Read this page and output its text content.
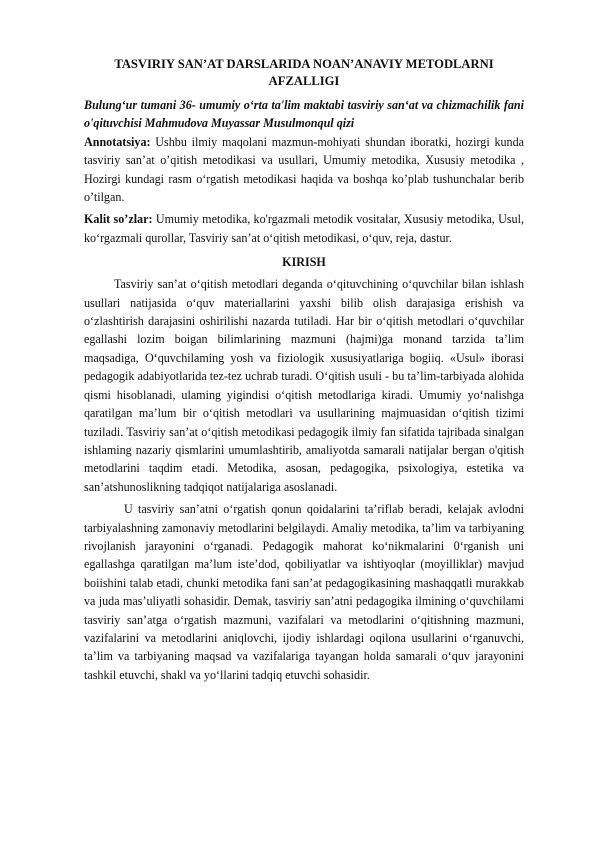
TASVIRIY SAN’AT DARSLARIDA NOAN’ANAVIY METODLARNI AFZALLIGI

Bulung‘ur tumani 36- umumiy o‘rta ta'lim maktabi tasviriy san‘at va chizmachilik fani o'qituvchisi Mahmudova Muyassar Musulmonqul qizi

Annotatsiya: Ushbu ilmiy maqolani mazmun-mohiyati shundan iboratki, hozirgi kunda tasviriy san’at o’qitish metodikasi va usullari, Umumiy metodika, Xususiy metodika , Hozirgi kundagi rasm o‘rgatish metodikasi haqida va boshqa ko’plab tushunchalar berib o’tilgan.

Kalit so’zlar: Umumiy metodika, ko'rgazmali metodik vositalar, Xususiy metodika, Usul, ko‘rgazmali qurollar, Tasviriy san’at o‘qitish metodikasi, o‘quv, reja, dastur.

KIRISH

Tasviriy san’at o‘qitish metodlari deganda o‘qituvchining o‘quvchilar bilan ishlash usullari natijasida o‘quv materiallarini yaxshi bilib olish darajasiga erishish va o‘zlashtirish darajasini oshirilishi nazarda tutiladi. Har bir o‘qitish metodlari o‘quvchilar egallashi lozim boigan bilimlarining mazmuni (hajmi)ga monand tarzida ta’lim maqsadiga, O‘quvchilaming yosh va fiziologik xususiyatlariga bogiiq. «Usul» iborasi pedagogik adabiyotlarida tez-tez uchrab turadi. O‘qitish usuli - bu ta’lim-tarbiyada alohida qismi hisoblanadi, ulaming yigindisi o‘qitish metodlariga kiradi. Umumiy yo‘nalishga qaratilgan ma’lum bir o‘qitish metodlari va usullarining majmuasidan o‘qitish tizimi tuziladi. Tasviriy san’at o‘qitish metodikasi pedagogik ilmiy fan sifatida tajribada sinalgan ishlaming nazariy qismlarini umumlashtirib, amaliyotda samarali natijalar bergan o'qitish metodlarini taqdim etadi. Metodika, asosan, pedagogika, psixologiya, estetika va san’atshunoslikning tadqiqot natijalariga asoslanadi.

U tasviriy san’atni o‘rgatish qonun qoidalarini ta’riflab beradi, kelajak avlodni tarbiyalashning zamonaviy metodlarini belgilaydi. Amaliy metodika, ta’lim va tarbiyaning rivojlanish jarayonini o‘rganadi. Pedagogik mahorat ko‘nikmalarini 0‘rganish uni egallashga qaratilgan ma’lum iste’dod, qobiliyatlar va ishtiyoqlar (moyilliklar) mavjud boiishini talab etadi, chunki metodika fani san’at pedagogikasining mashaqqatli murakkab va juda mas’uliyatli sohasidir. Demak, tasviriy san’atni pedagogika ilmining o‘quvchilami tasviriy san’atga o‘rgatish mazmuni, vazifalari va metodlarini o‘qitishning mazmuni, vazifalarini va metodlarini aniqlovchi, ijodiy ishlardagi oqilona usullarini o‘rganuvchi, ta’lim va tarbiyaning maqsad va vazifalariga tayangan holda samarali o‘quv jarayonini tashkil etuvchi, shakl va yo‘llarini tadqiq etuvchi sohasidir.
